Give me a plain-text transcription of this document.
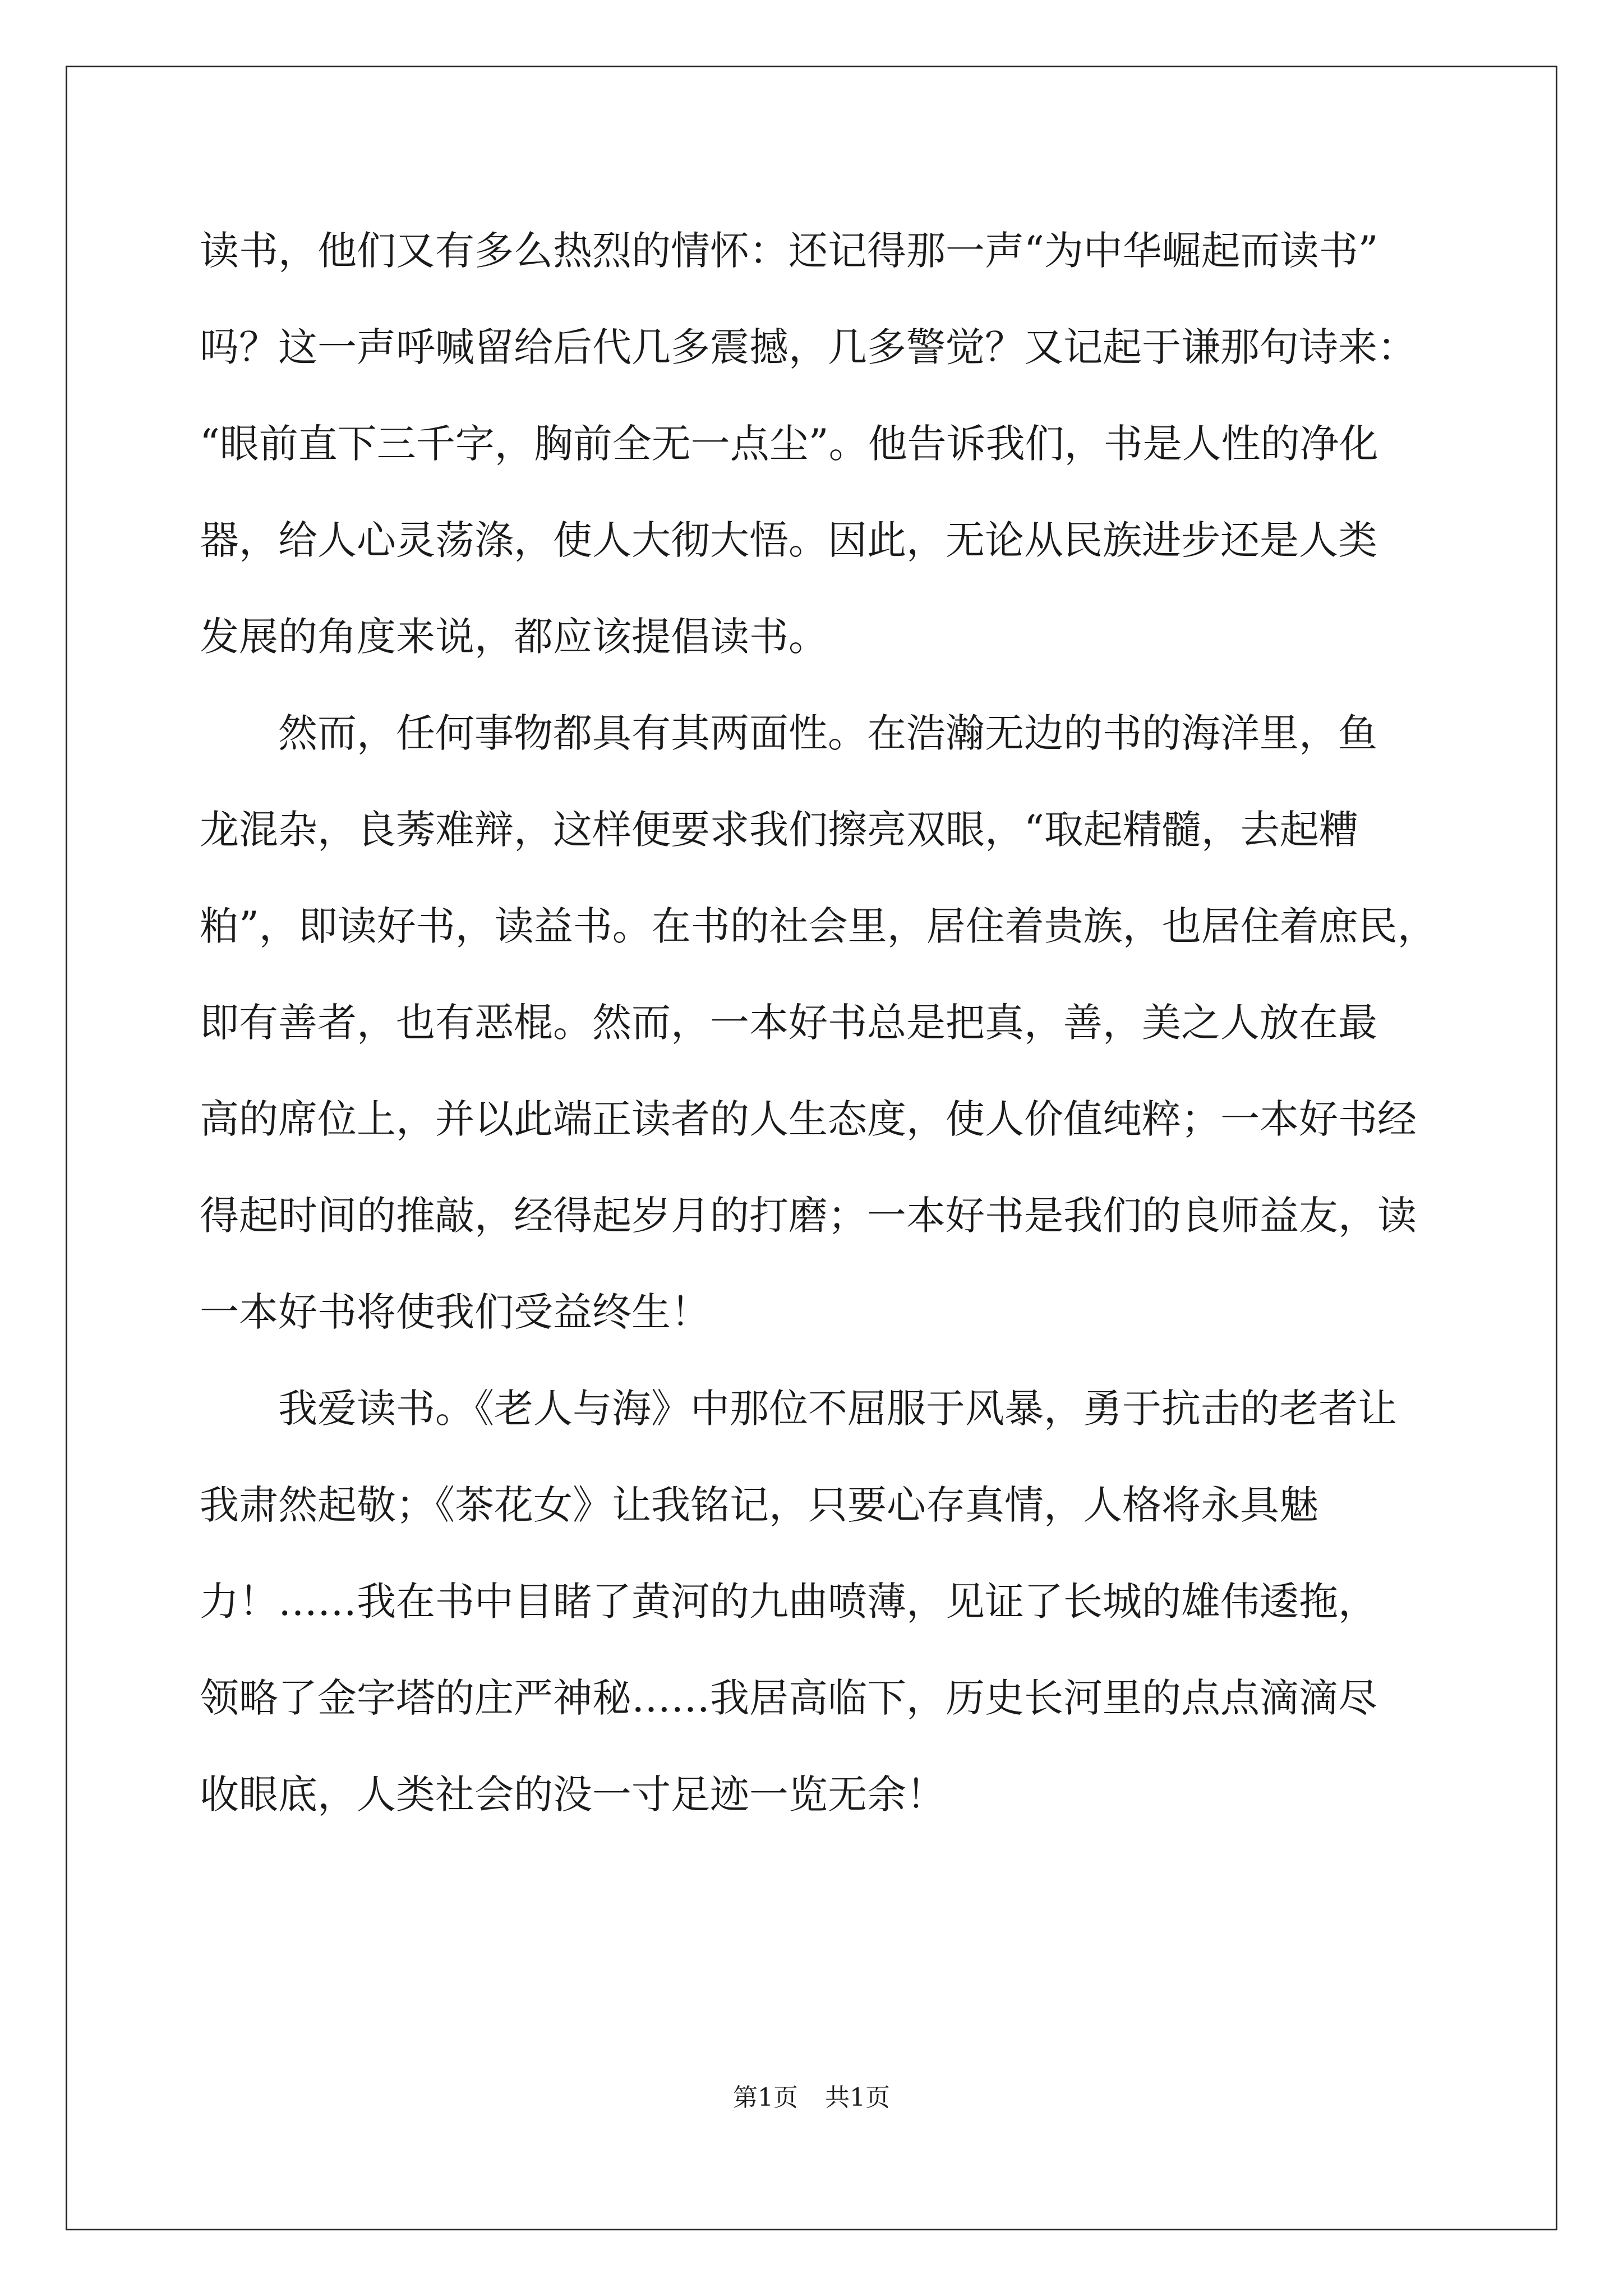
读书，他们又有多么热烈的情怀：还记得那一声“为中华崛起而读书”
吗？这一声呼喊留给后代几多震撼，几多警觉？又记起于谦那句诗来：
“眼前直下三千字，胸前全无一点尘”。他告诉我们，书是人性的净化
器，给人心灵荡涤，使人大彻大悟。因此，无论从民族进步还是人类
发展的角度来说，都应该提倡读书。
然而，任何事物都具有其两面性。在浩瀚无边的书的海洋里，鱼
龙混杂，良莠难辩，这样便要求我们擦亮双眼，“取起精髓，去起糟
粕”，即读好书，读益书。在书的社会里，居住着贵族，也居住着庶民，
即有善者，也有恶棍。然而，一本好书总是把真，善，美之人放在最
高的席位上，并以此端正读者的人生态度，使人价值纯粹；一本好书经
得起时间的推敲，经得起岁月的打磨；一本好书是我们的良师益友，读
一本好书将使我们受益终生！
我爱读书。《老人与海》中那位不屈服于风暴，勇于抗击的老者让
我肃然起敬；《茶花女》让我铭记，只要心存真情，人格将永具魅
力！……我在书中目睹了黄河的九曲喷薄，见证了长城的雄伟逶拖，
领略了金字塔的庄严神秘……我居高临下，历史长河里的点点滴滴尽
收眼底，人类社会的没一寸足迹一览无余！
第1页 共1页
